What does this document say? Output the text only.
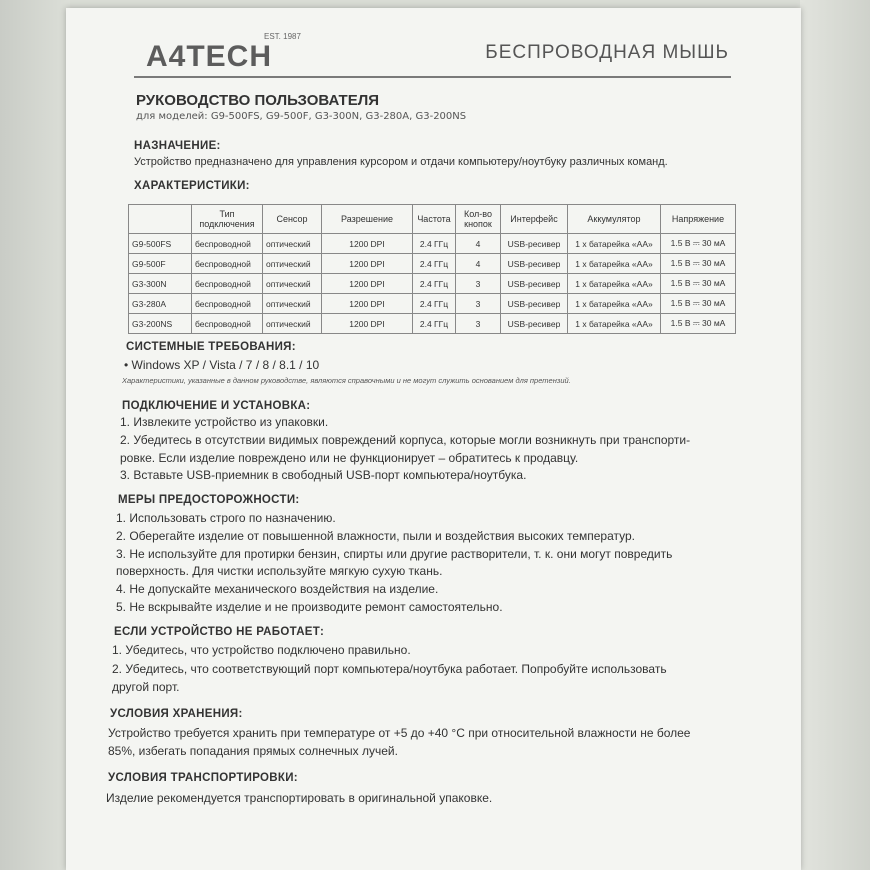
A4TECH
EST. 1987
БЕСПРОВОДНАЯ МЫШЬ
РУКОВОДСТВО ПОЛЬЗОВАТЕЛЯ
для моделей: G9-500FS, G9-500F, G3-300N, G3-280A, G3-200NS
НАЗНАЧЕНИЕ:
Устройство предназначено для управления курсором и отдачи компьютеру/ноутбуку различных команд.
ХАРАКТЕРИСТИКИ:
	Тип подключения	Сенсор	Разрешение	Частота	Кол-во кнопок	Интерфейс	Аккумулятор	Напряжение
G9-500FS	беспроводной	оптический	1200 DPI	2.4 ГГц	4	USB-ресивер	1 x батарейка «AA»	1.5 В ⎓ 30 мА
G9-500F	беспроводной	оптический	1200 DPI	2.4 ГГц	4	USB-ресивер	1 x батарейка «AA»	1.5 В ⎓ 30 мА
G3-300N	беспроводной	оптический	1200 DPI	2.4 ГГц	3	USB-ресивер	1 x батарейка «AA»	1.5 В ⎓ 30 мА
G3-280A	беспроводной	оптический	1200 DPI	2.4 ГГц	3	USB-ресивер	1 x батарейка «AA»	1.5 В ⎓ 30 мА
G3-200NS	беспроводной	оптический	1200 DPI	2.4 ГГц	3	USB-ресивер	1 x батарейка «AA»	1.5 В ⎓ 30 мА
СИСТЕМНЫЕ ТРЕБОВАНИЯ:
• Windows XP / Vista / 7 / 8 / 8.1 / 10
Характеристики, указанные в данном руководстве, являются справочными и не могут служить основанием для претензий.
ПОДКЛЮЧЕНИЕ И УСТАНОВКА:
1. Извлеките устройство из упаковки.
2. Убедитесь в отсутствии видимых повреждений корпуса, которые могли возникнуть при транспорти-
ровке. Если изделие повреждено или не функционирует – обратитесь к продавцу.
3. Вставьте USB-приемник в свободный USB-порт компьютера/ноутбука.
МЕРЫ ПРЕДОСТОРОЖНОСТИ:
1. Использовать строго по назначению.
2. Оберегайте изделие от повышенной влажности, пыли и воздействия высоких температур.
3. Не используйте для протирки бензин, спирты или другие растворители, т. к. они могут повредить
поверхность. Для чистки используйте мягкую сухую ткань.
4. Не допускайте механического воздействия на изделие.
5. Не вскрывайте изделие и не производите ремонт самостоятельно.
ЕСЛИ УСТРОЙСТВО НЕ РАБОТАЕТ:
1. Убедитесь, что устройство подключено правильно.
2. Убедитесь, что соответствующий порт компьютера/ноутбука работает. Попробуйте использовать
другой порт.
УСЛОВИЯ ХРАНЕНИЯ:
Устройство требуется хранить при температуре от +5 до +40 °С при относительной влажности не более
85%, избегать попадания прямых солнечных лучей.
УСЛОВИЯ ТРАНСПОРТИРОВКИ:
Изделие рекомендуется транспортировать в оригинальной упаковке.
